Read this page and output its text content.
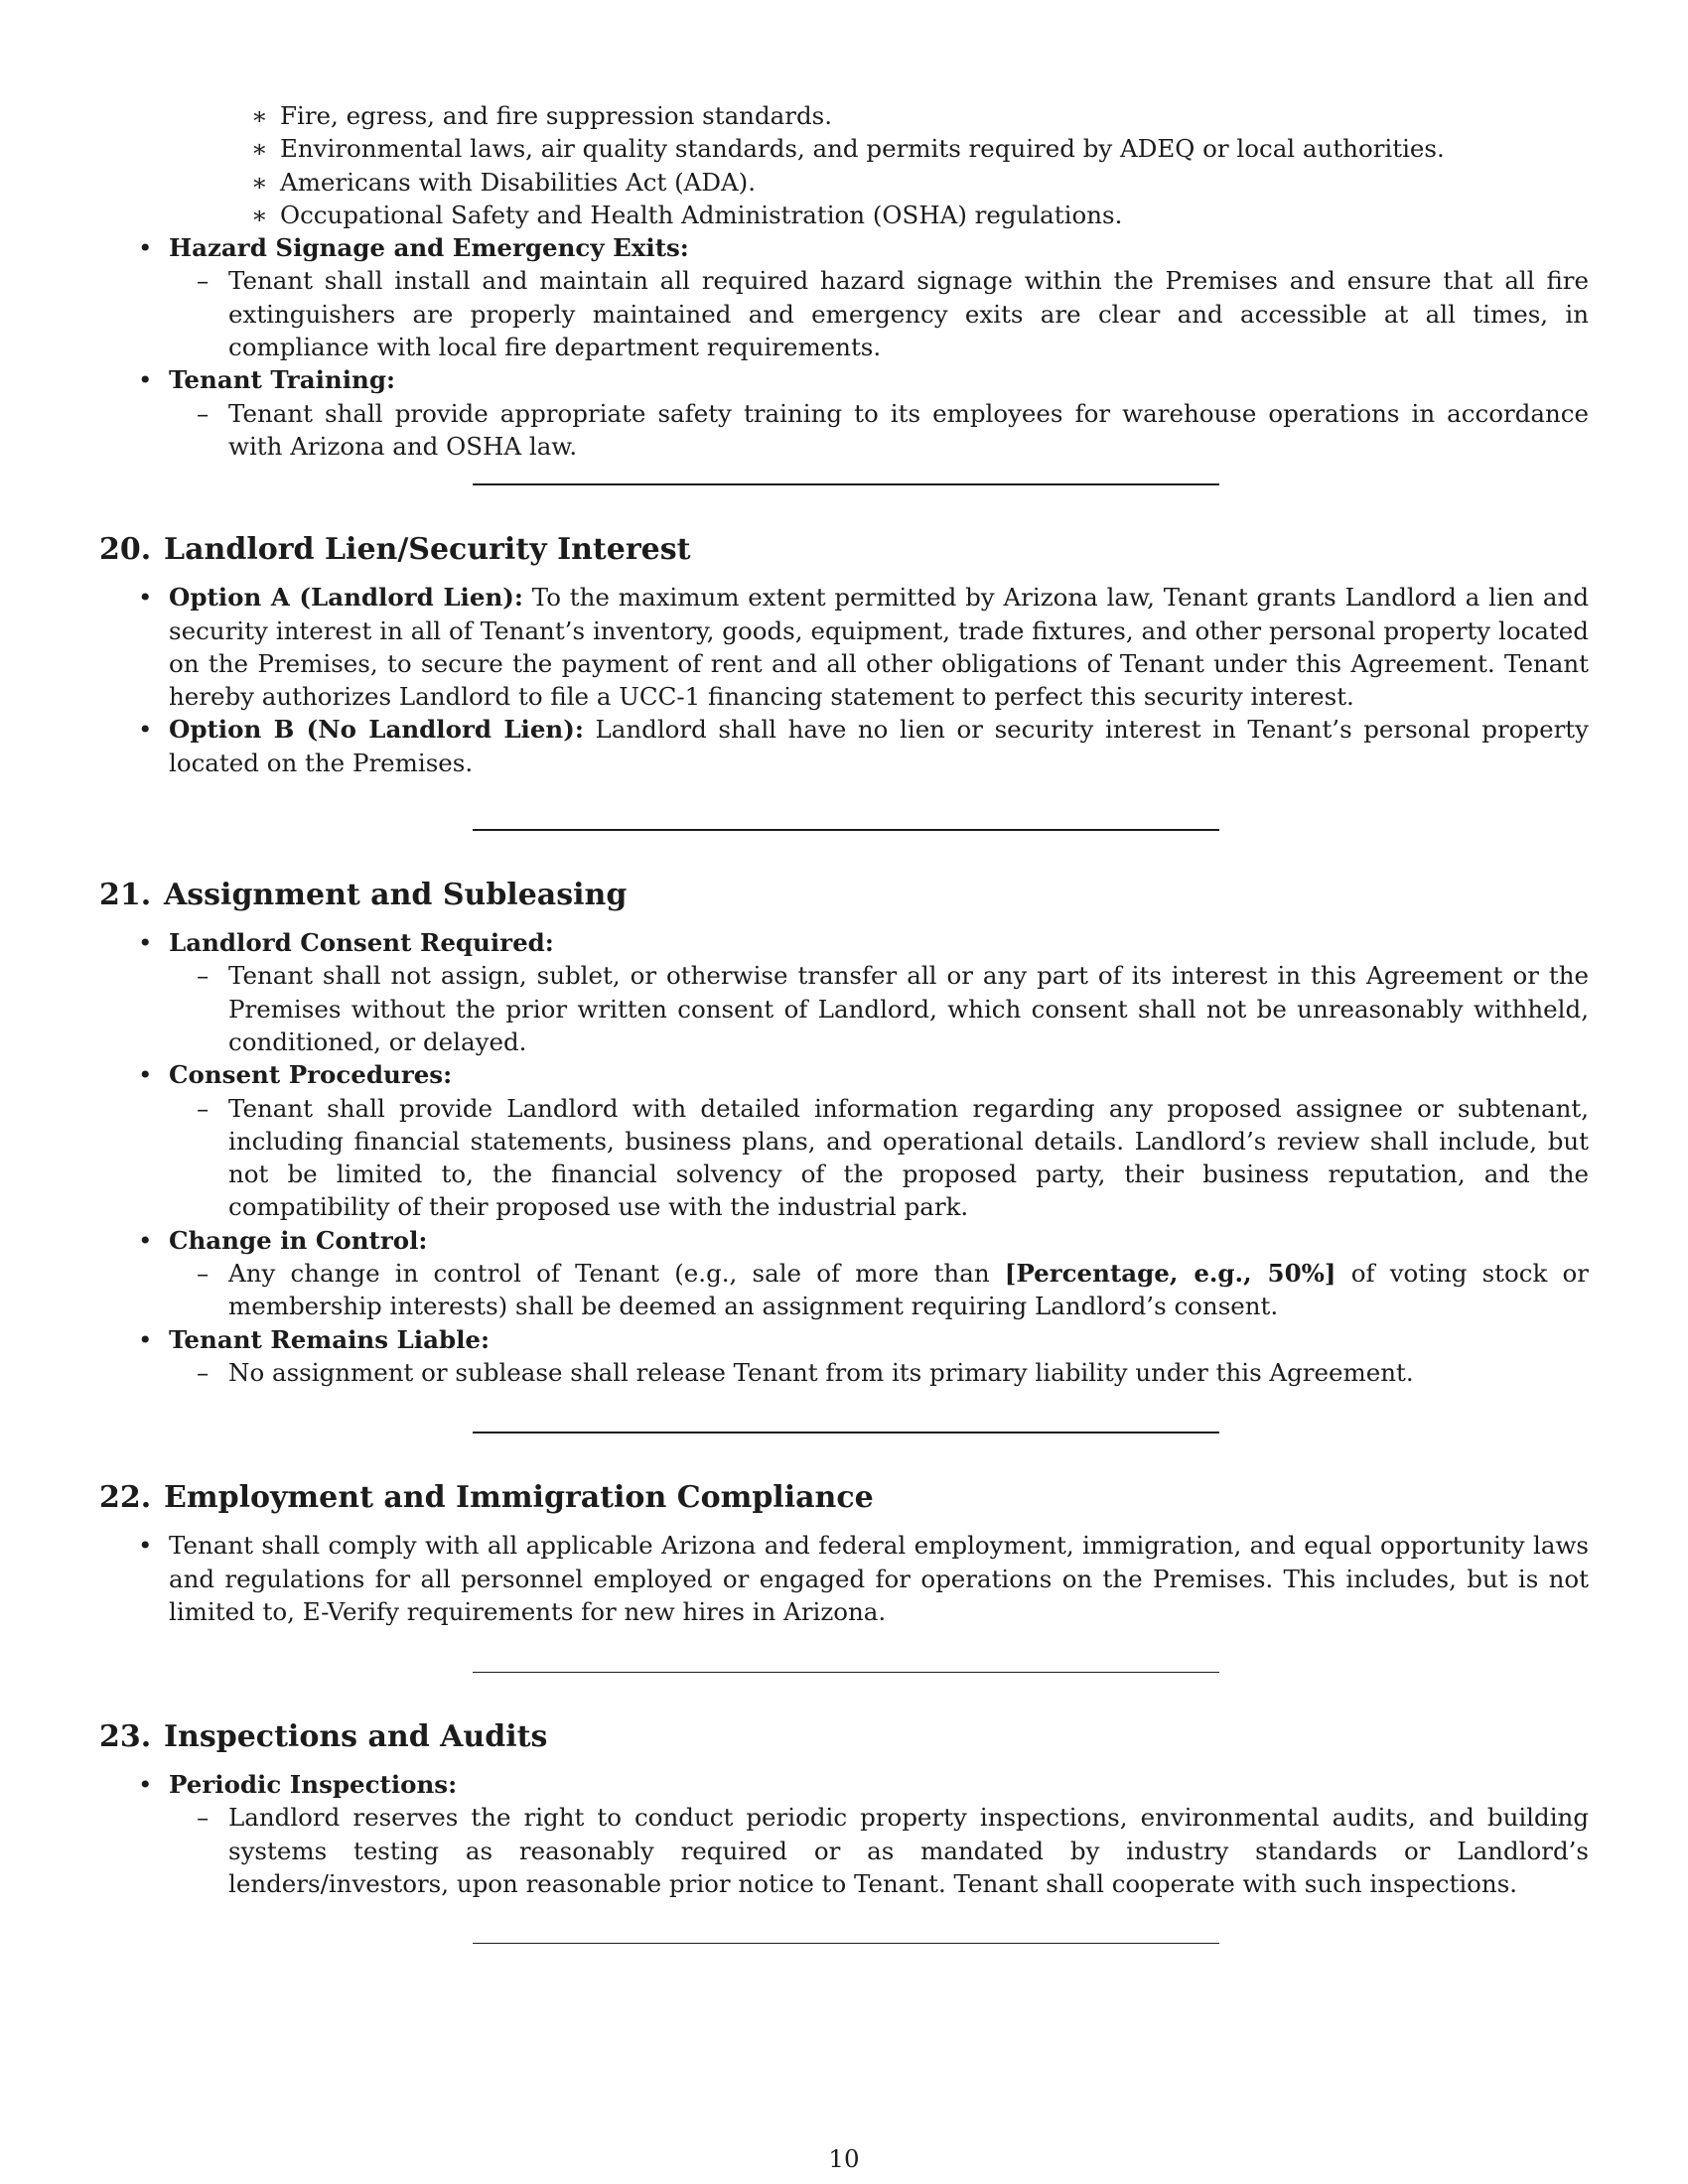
∗ Fire, egress, and fire suppression standards.
∗ Environmental laws, air quality standards, and permits required by ADEQ or local authorities.
∗ Americans with Disabilities Act (ADA).
∗ Occupational Safety and Health Administration (OSHA) regulations.
• Hazard Signage and Emergency Exits:
– Tenant shall install and maintain all required hazard signage within the Premises and ensure that all fire extinguishers are properly maintained and emergency exits are clear and accessible at all times, in compliance with local fire department requirements.
• Tenant Training:
– Tenant shall provide appropriate safety training to its employees for warehouse operations in accordance with Arizona and OSHA law.
20. Landlord Lien/Security Interest
• Option A (Landlord Lien): To the maximum extent permitted by Arizona law, Tenant grants Landlord a lien and security interest in all of Tenant’s inventory, goods, equipment, trade fixtures, and other personal property located on the Premises, to secure the payment of rent and all other obligations of Tenant under this Agreement. Tenant hereby authorizes Landlord to file a UCC-1 financing statement to perfect this security interest.
• Option B (No Landlord Lien): Landlord shall have no lien or security interest in Tenant’s personal property located on the Premises.
21. Assignment and Subleasing
• Landlord Consent Required:
– Tenant shall not assign, sublet, or otherwise transfer all or any part of its interest in this Agreement or the Premises without the prior written consent of Landlord, which consent shall not be unreasonably withheld, conditioned, or delayed.
• Consent Procedures:
– Tenant shall provide Landlord with detailed information regarding any proposed assignee or subtenant, including financial statements, business plans, and operational details. Landlord’s review shall include, but not be limited to, the financial solvency of the proposed party, their business reputation, and the compatibility of their proposed use with the industrial park.
• Change in Control:
– Any change in control of Tenant (e.g., sale of more than [Percentage, e.g., 50%] of voting stock or membership interests) shall be deemed an assignment requiring Landlord’s consent.
• Tenant Remains Liable:
– No assignment or sublease shall release Tenant from its primary liability under this Agreement.
22. Employment and Immigration Compliance
• Tenant shall comply with all applicable Arizona and federal employment, immigration, and equal opportunity laws and regulations for all personnel employed or engaged for operations on the Premises. This includes, but is not limited to, E-Verify requirements for new hires in Arizona.
23. Inspections and Audits
• Periodic Inspections:
– Landlord reserves the right to conduct periodic property inspections, environmental audits, and building systems testing as reasonably required or as mandated by industry standards or Landlord’s lenders/investors, upon reasonable prior notice to Tenant. Tenant shall cooperate with such inspections.
10
